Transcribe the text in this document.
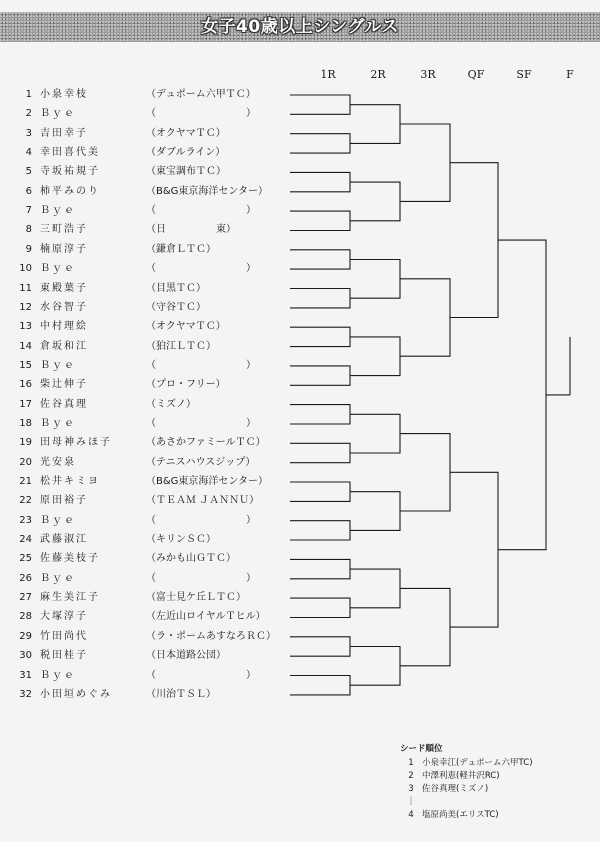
女子40歳以上シングルス
1R	2R	3R	QF	SF	F
1 小泉幸枝	（デュポーム六甲ＴＣ）
2 Ｂｙｅ	（　　　　　　　　　）
3 吉田幸子	（オクヤマＴＣ）
4 幸田喜代美	（ダブルライン）
5 寺坂祐規子	（東宝調布ＴＣ）
6 柿平みのり	（B&G東京海洋センター）
7 Ｂｙｅ	（　　　　　　　　　）
8 三町浩子	（日　　　　　東）
9 楠原淳子	（鎌倉ＬＴＣ）
10 Ｂｙｅ	（　　　　　　　　　）
11 東殿葉子	（目黒ＴＣ）
12 水谷智子	（守谷ＴＣ）
13 中村理絵	（オクヤマＴＣ）
14 倉坂和江	（狛江ＬＴＣ）
15 Ｂｙｅ	（　　　　　　　　　）
16 柴辻伸子	（プロ・フリー）
17 佐谷真理	（ミズノ）
18 Ｂｙｅ	（　　　　　　　　　）
19 田母神みほ子	（あさかファミールＴＣ）
20 光安泉	（テニスハウスジップ）
21 松井キミヨ	（B&G東京海洋センター）
22 原田裕子	（ＴＥＡＭ ＪＡＮＮＵ）
23 Ｂｙｅ	（　　　　　　　　　）
24 武藤淑江	（キリンＳＣ）
25 佐藤美枝子	（みかも山ＧＴＣ）
26 Ｂｙｅ	（　　　　　　　　　）
27 麻生美江子	（富士見ケ丘ＬＴＣ）
28 大塚淳子	（左近山ロイヤルＴヒル）
29 竹田尚代	（ラ・ポームあすなろＲＣ）
30 税田桂子	（日本道路公団）
31 Ｂｙｅ	（　　　　　　　　　）
32 小田垣めぐみ	（川治ＴＳＬ）
シード順位
1 小泉幸江(デュポーム六甲TC)
2 中澤利恵(軽井沢RC)
3 佐谷真理(ミズノ)
｜
4 塩原尚美(エリスTC)
